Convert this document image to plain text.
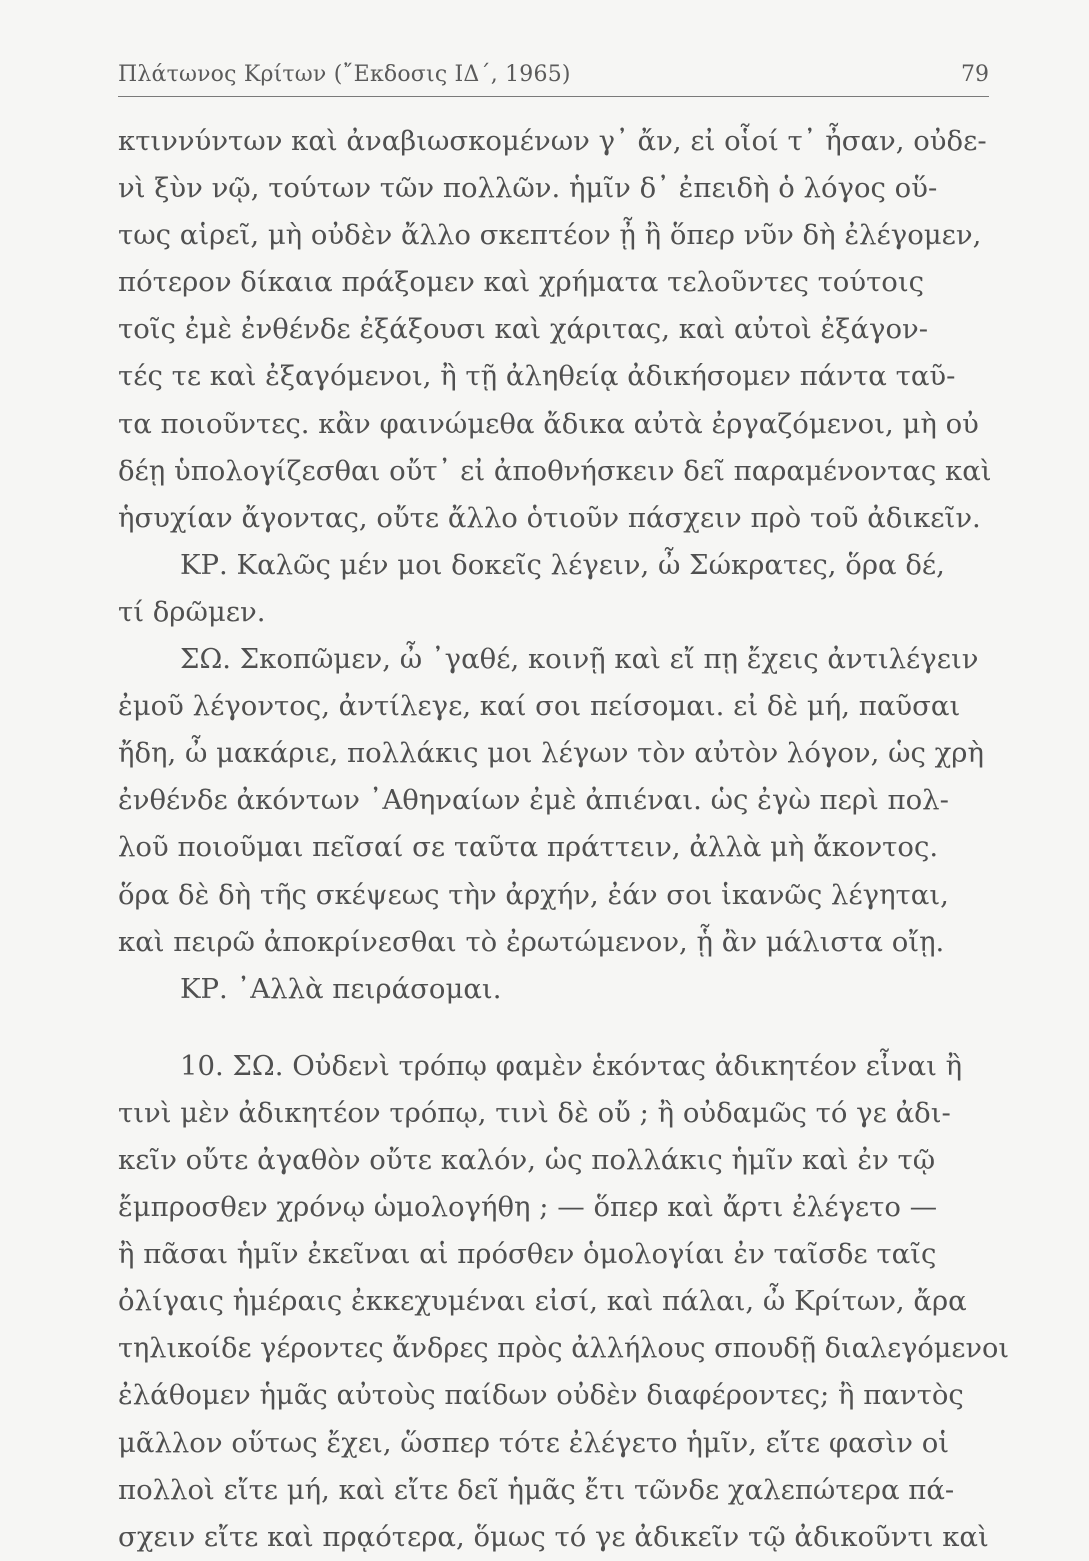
Πλάτωνος Κρίτων (῎Εκδοσις ΙΔ΄, 1965)	79
κτιννύντων καὶ ἀναβιωσκομένων γ᾽ ἄν, εἰ οἷοί τ᾽ ἦσαν, οὐδε-
νὶ ξὺν νῷ, τούτων τῶν πολλῶν. ἡμῖν δ᾽ ἐπειδὴ ὁ λόγος οὕ-
τως αἱρεῖ, μὴ οὐδὲν ἄλλο σκεπτέον ᾖ ἢ ὅπερ νῦν δὴ ἐλέγομεν,
πότερον δίκαια πράξομεν καὶ χρήματα τελοῦντες τούτοις
τοῖς ἐμὲ ἐνθένδε ἐξάξουσι καὶ χάριτας, καὶ αὐτοὶ ἐξάγον-
τές τε καὶ ἐξαγόμενοι, ἢ τῇ ἀληθείᾳ ἀδικήσομεν πάντα ταῦ-
τα ποιοῦντες. κἂν φαινώμεθα ἄδικα αὐτὰ ἐργαζόμενοι, μὴ οὐ
δέῃ ὑπολογίζεσθαι οὔτ᾽ εἰ ἀποθνήσκειν δεῖ παραμένοντας καὶ
ἡσυχίαν ἄγοντας, οὔτε ἄλλο ὁτιοῦν πάσχειν πρὸ τοῦ ἀδικεῖν.
ΚΡ. Καλῶς μέν μοι δοκεῖς λέγειν, ὦ Σώκρατες, ὅρα δέ,
τί δρῶμεν.
ΣΩ. Σκοπῶμεν, ὦ ᾽γαθέ, κοινῇ καὶ εἴ πῃ ἔχεις ἀντιλέγειν
ἐμοῦ λέγοντος, ἀντίλεγε, καί σοι πείσομαι. εἰ δὲ μή, παῦσαι
ἤδη, ὦ μακάριε, πολλάκις μοι λέγων τὸν αὐτὸν λόγον, ὡς χρὴ
ἐνθένδε ἀκόντων ᾽Αθηναίων ἐμὲ ἀπιέναι. ὡς ἐγὼ περὶ πολ-
λοῦ ποιοῦμαι πεῖσαί σε ταῦτα πράττειν, ἀλλὰ μὴ ἄκοντος.
ὅρα δὲ δὴ τῆς σκέψεως τὴν ἀρχήν, ἐάν σοι ἱκανῶς λέγηται,
καὶ πειρῶ ἀποκρίνεσθαι τὸ ἐρωτώμενον, ᾗ ἂν μάλιστα οἴῃ.
ΚΡ. ᾽Αλλὰ πειράσομαι.
10. ΣΩ. Οὐδενὶ τρόπῳ φαμὲν ἑκόντας ἀδικητέον εἶναι ἢ
τινὶ μὲν ἀδικητέον τρόπῳ, τινὶ δὲ οὔ ; ἢ οὐδαμῶς τό γε ἀδι-
κεῖν οὔτε ἀγαθὸν οὔτε καλόν, ὡς πολλάκις ἡμῖν καὶ ἐν τῷ
ἔμπροσθεν χρόνῳ ὡμολογήθη ; — ὅπερ καὶ ἄρτι ἐλέγετο —
ἢ πᾶσαι ἡμῖν ἐκεῖναι αἱ πρόσθεν ὁμολογίαι ἐν ταῖσδε ταῖς
ὀλίγαις ἡμέραις ἐκκεχυμέναι εἰσί, καὶ πάλαι, ὦ Κρίτων, ἄρα
τηλικοίδε γέροντες ἄνδρες πρὸς ἀλλήλους σπουδῇ διαλεγόμενοι
ἐλάθομεν ἡμᾶς αὐτοὺς παίδων οὐδὲν διαφέροντες; ἢ παντὸς
μᾶλλον οὕτως ἔχει, ὥσπερ τότε ἐλέγετο ἡμῖν, εἴτε φασὶν οἱ
πολλοὶ εἴτε μή, καὶ εἴτε δεῖ ἡμᾶς ἔτι τῶνδε χαλεπώτερα πά-
σχειν εἴτε καὶ πρᾳότερα, ὅμως τό γε ἀδικεῖν τῷ ἀδικοῦντι καὶ
